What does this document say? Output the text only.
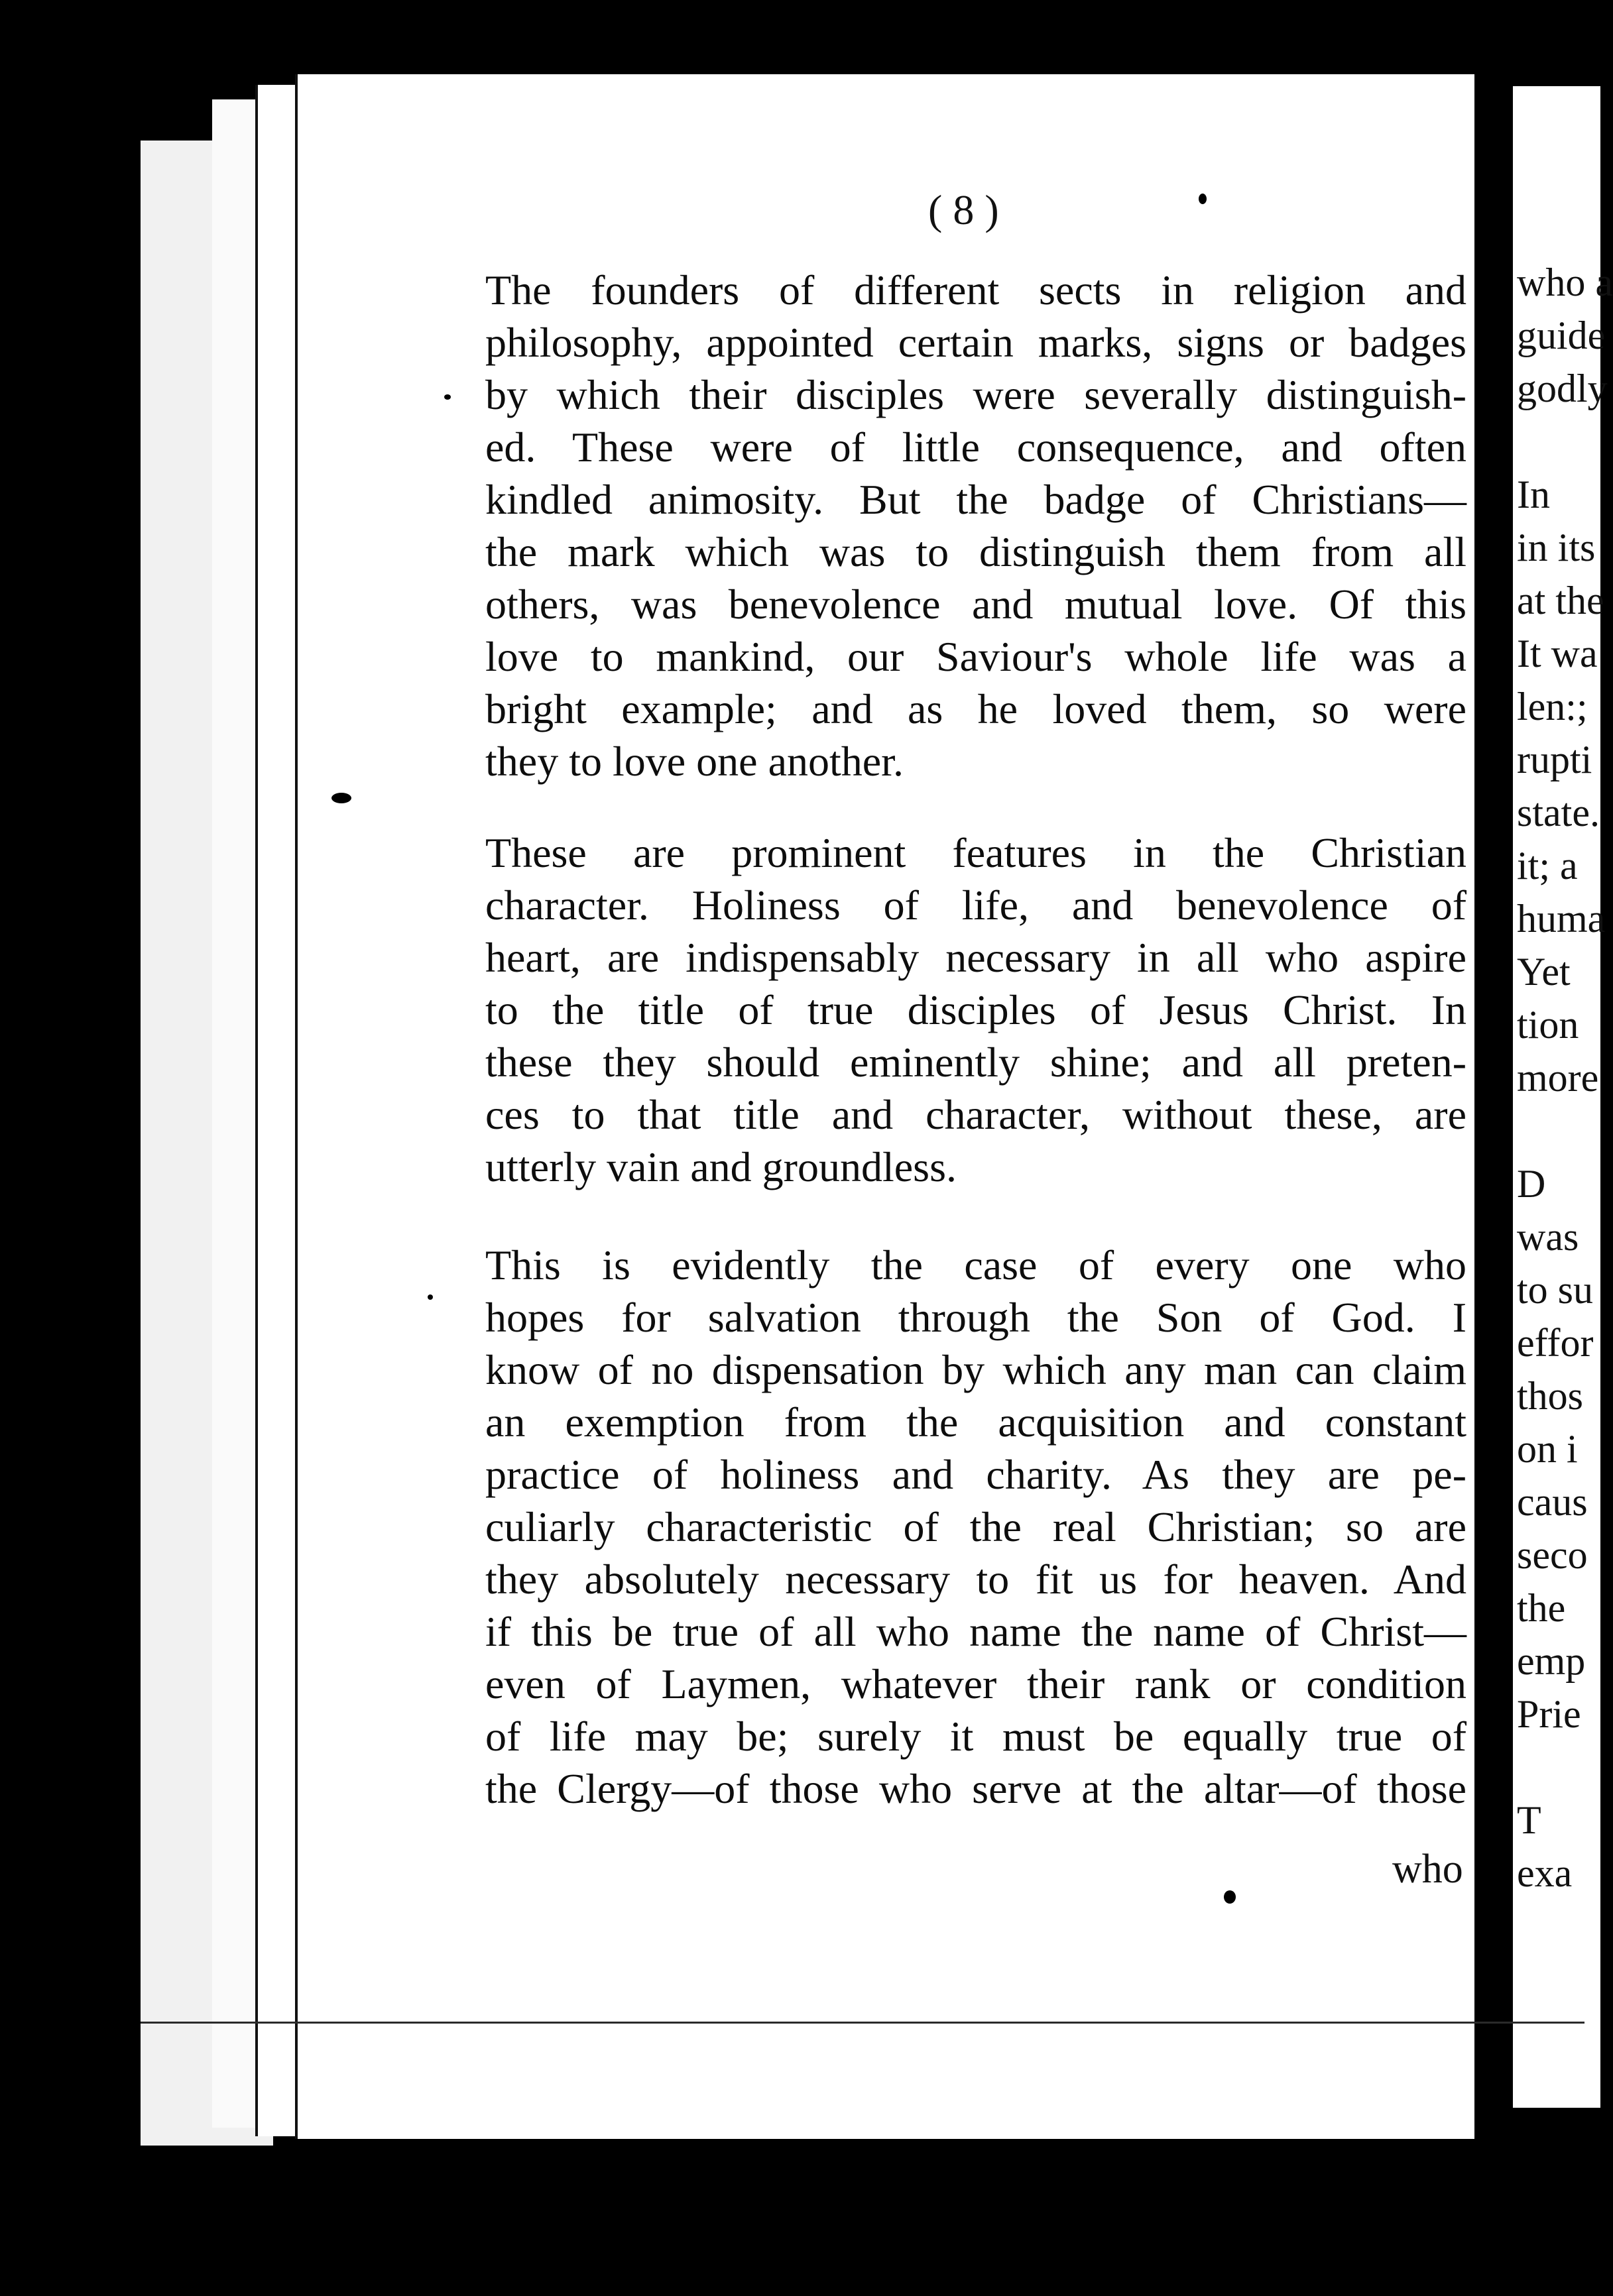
who a
guide
godly
In
in its
at the
It wa
len:;
rupti
state.
it; a
huma
Yet
tion
more
D
was
to su
effor
thos
on i
caus
seco
the
emp
Prie
T
exa
( 8 )
The founders of different sects in religion and
philosophy, appointed certain marks, signs or badges
by which their disciples were severally distinguish-
ed. These were of little consequence, and often
kindled animosity. But the badge of Christians—
the mark which was to distinguish them from all
others, was benevolence and mutual love. Of this
love to mankind, our Saviour's whole life was a
bright example; and as he loved them, so were
they to love one another.
These are prominent features in the Christian
character. Holiness of life, and benevolence of
heart, are indispensably necessary in all who aspire
to the title of true disciples of Jesus Christ. In
these they should eminently shine; and all preten-
ces to that title and character, without these, are
utterly vain and groundless.
This is evidently the case of every one who
hopes for salvation through the Son of God. I
know of no dispensation by which any man can claim
an exemption from the acquisition and constant
practice of holiness and charity. As they are pe-
culiarly characteristic of the real Christian; so are
they absolutely necessary to fit us for heaven. And
if this be true of all who name the name of Christ—
even of Laymen, whatever their rank or condition
of life may be; surely it must be equally true of
the Clergy—of those who serve at the altar—of those
who
